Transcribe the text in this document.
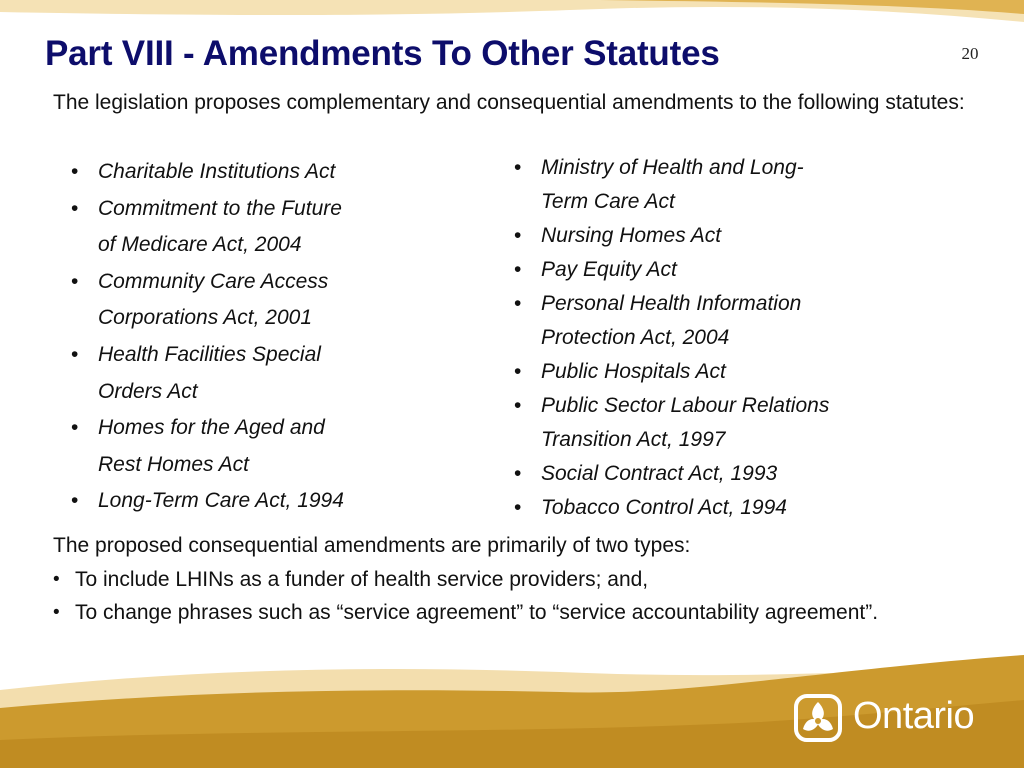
Part VIII - Amendments To Other Statutes	20

The legislation proposes complementary and consequential amendments to the following statutes:

• Charitable Institutions Act
• Commitment to the Future
of Medicare Act, 2004
• Community Care Access
Corporations Act, 2001
• Health Facilities Special
Orders Act
• Homes for the Aged and
Rest Homes Act
• Long-Term Care Act, 1994
• Ministry of Health and Long-
Term Care Act
• Nursing Homes Act
• Pay Equity Act
• Personal Health Information
Protection Act, 2004
• Public Hospitals Act
• Public Sector Labour Relations
Transition Act, 1997
• Social Contract Act, 1993
• Tobacco Control Act, 1994

The proposed consequential amendments are primarily of two types:

• To include LHINs as a funder of health service providers; and,
• To change phrases such as “service agreement” to “service accountability agreement”.
Ontario
